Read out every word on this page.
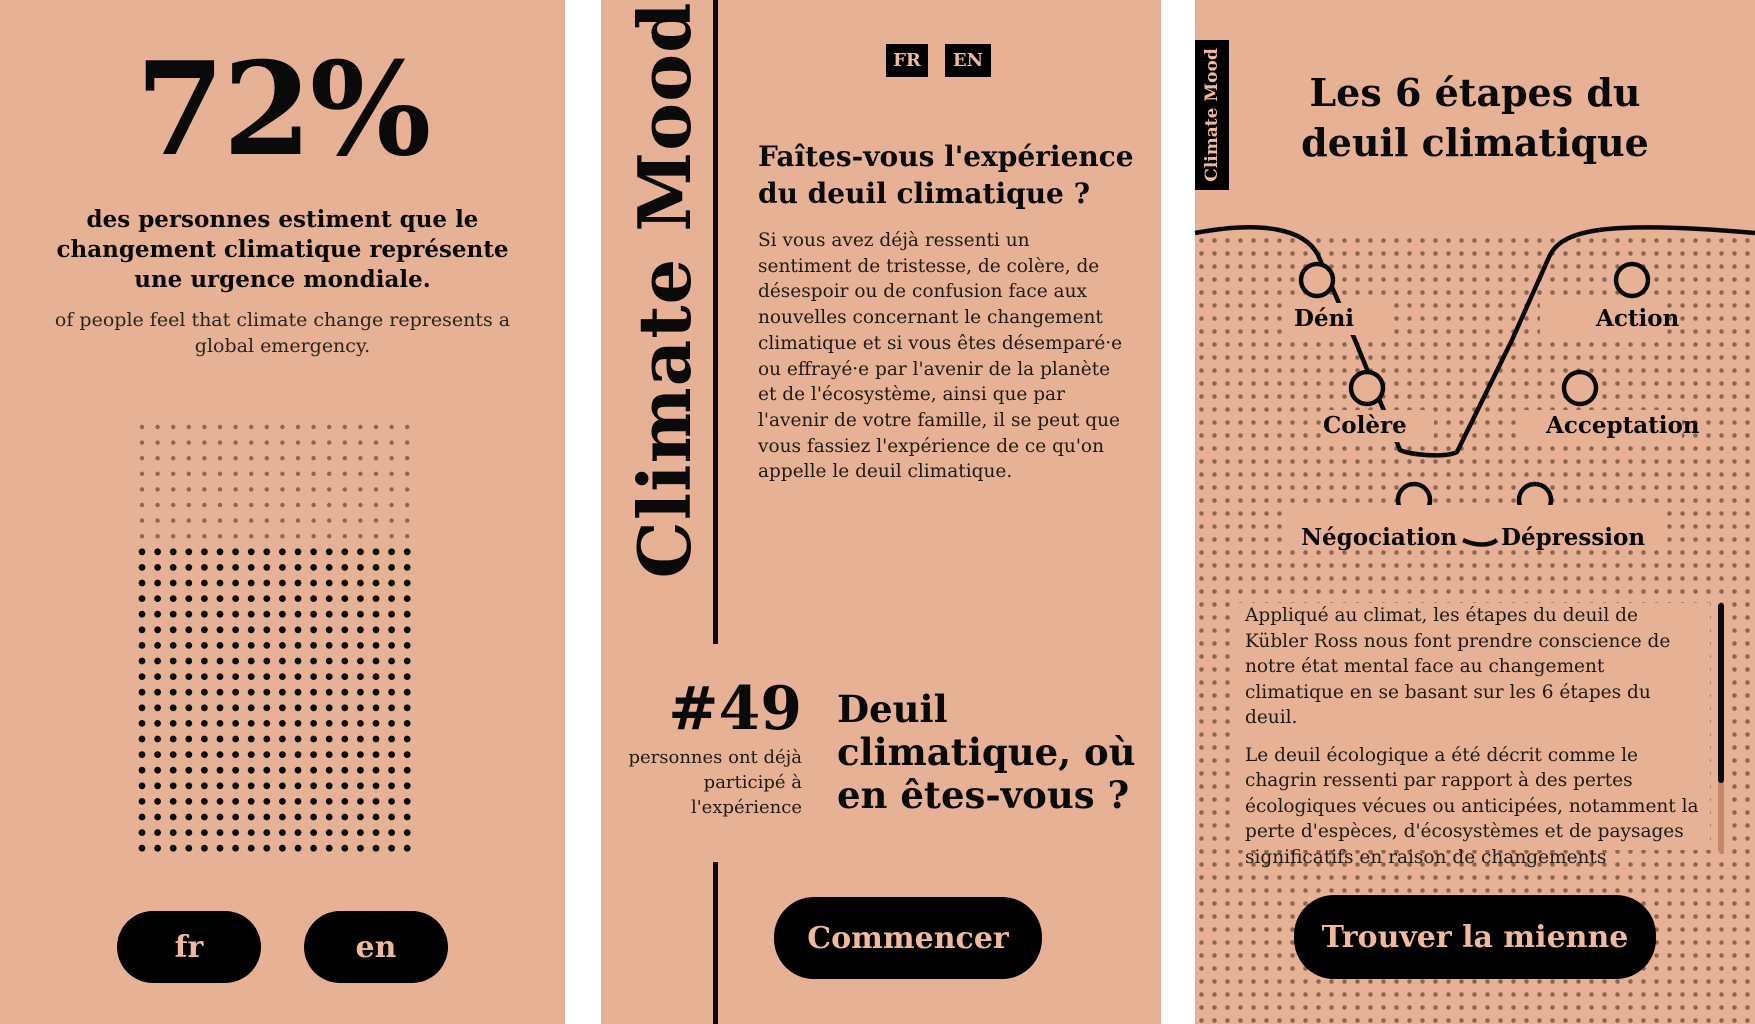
72%
des personnes estiment que le changement climatique représente une urgence mondiale.
of people feel that climate change represents a global emergency.
fr	en
Climate Mood	FR	EN
Faîtes-vous l'expérience du deuil climatique ?
Si vous avez déjà ressenti un sentiment de tristesse, de colère, de désespoir ou de confusion face aux nouvelles concernant le changement climatique et si vous êtes désemparé·e ou effrayé·e par l'avenir de la planète et de l'écosystème, ainsi que par l'avenir de votre famille, il se peut que vous fassiez l'expérience de ce qu'on appelle le deuil climatique.
#49
personnes ont déjà participé à l'expérience
Deuil climatique, où en êtes-vous ?
Commencer
Climate Mood	Les 6 étapes du deuil climatique
Déni
Colère
Négociation Dépression
Acceptation
Action

Appliqué au climat, les étapes du deuil de Kübler Ross nous font prendre conscience de notre état mental face au changement climatique en se basant sur les 6 étapes du deuil.

Le deuil écologique a été décrit comme le chagrin ressenti par rapport à des pertes écologiques vécues ou anticipées, notamment la perte d'espèces, d'écosystèmes et de paysages significatifs en raison de changements

Trouver la mienne
